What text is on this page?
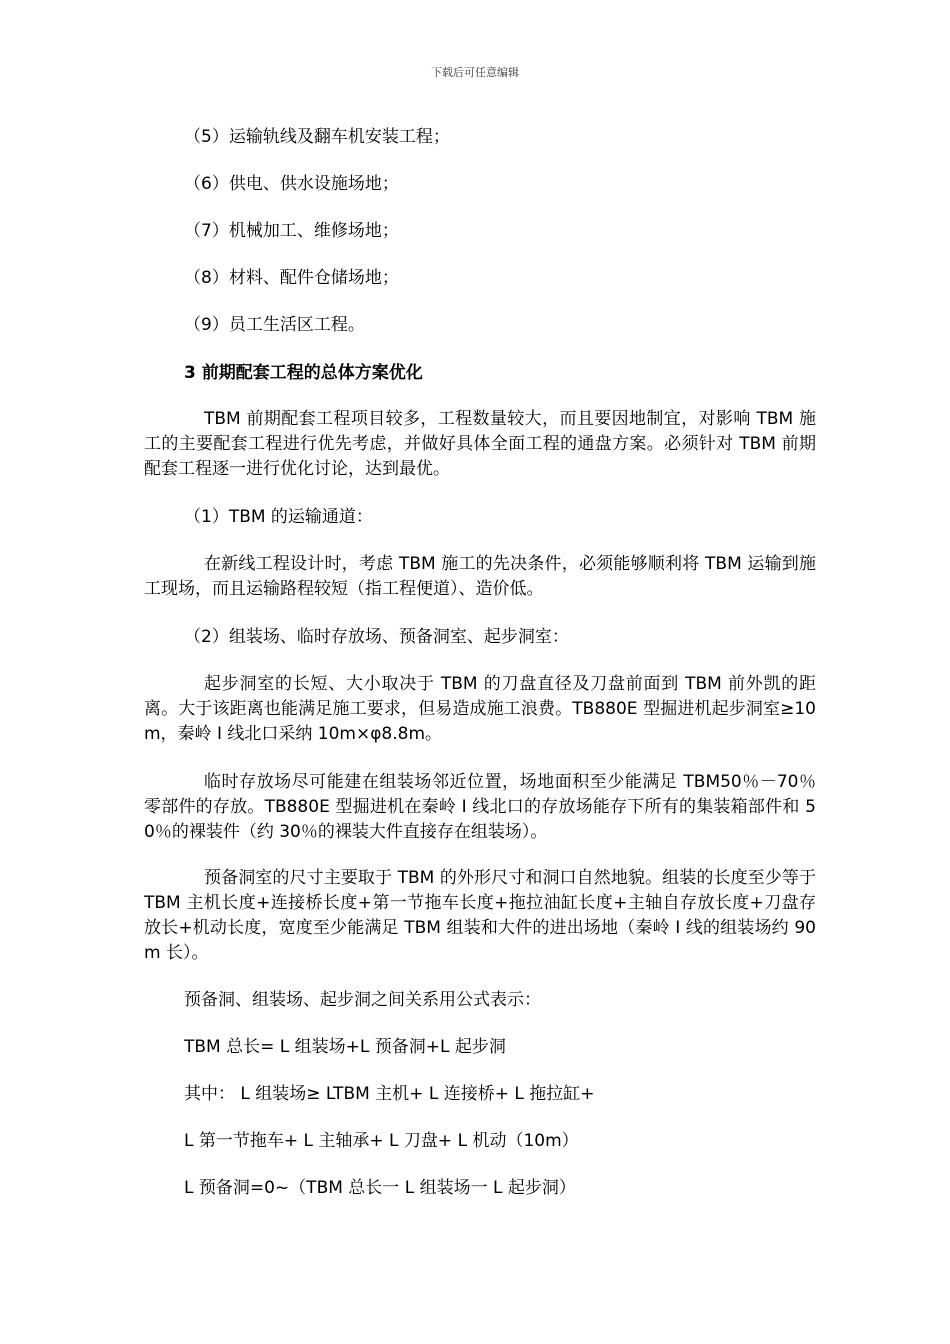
下载后可任意编辑
（5）运输轨线及翻车机安装工程；
（6）供电、供水设施场地；
（7）机械加工、维修场地；
（8）材料、配件仓储场地；
（9）员工生活区工程。
3 前期配套工程的总体方案优化
TBM 前期配套工程项目较多，工程数量较大，而且要因地制宜，对影响 TBM 施工的主要配套工程进行优先考虑，并做好具体全面工程的通盘方案。必须针对 TBM 前期配套工程逐一进行优化讨论，达到最优。
（1）TBM 的运输通道：
在新线工程设计时，考虑 TBM 施工的先决条件，必须能够顺利将 TBM 运输到施工现场，而且运输路程较短（指工程便道）、造价低。
（2）组装场、临时存放场、预备洞室、起步洞室：
起步洞室的长短、大小取决于 TBM 的刀盘直径及刀盘前面到 TBM 前外凯的距离。大于该距离也能满足施工要求，但易造成施工浪费。TB880E 型掘进机起步洞室≥10m，秦岭 I 线北口采纳 10m×φ8.8m。
临时存放场尽可能建在组装场邻近位置，场地面积至少能满足 TBM50％－70％零部件的存放。TB880E 型掘进机在秦岭 I 线北口的存放场能存下所有的集装箱部件和 50％的裸装件（约 30％的裸装大件直接存在组装场）。
预备洞室的尺寸主要取于 TBM 的外形尺寸和洞口自然地貌。组装的长度至少等于 TBM 主机长度+连接桥长度+第一节拖车长度+拖拉油缸长度+主轴自存放长度+刀盘存放长+机动长度，宽度至少能满足 TBM 组装和大件的进出场地（秦岭 I 线的组装场约 90m 长）。
预备洞、组装场、起步洞之间关系用公式表示：
TBM 总长= L 组装场+L 预备洞+L 起步洞
其中： L 组装场≥ LTBM 主机+ L 连接桥+ L 拖拉缸+
L 第一节拖车+ L 主轴承+ L 刀盘+ L 机动（10m）
L 预备洞=0~（TBM 总长一 L 组装场一 L 起步洞）
